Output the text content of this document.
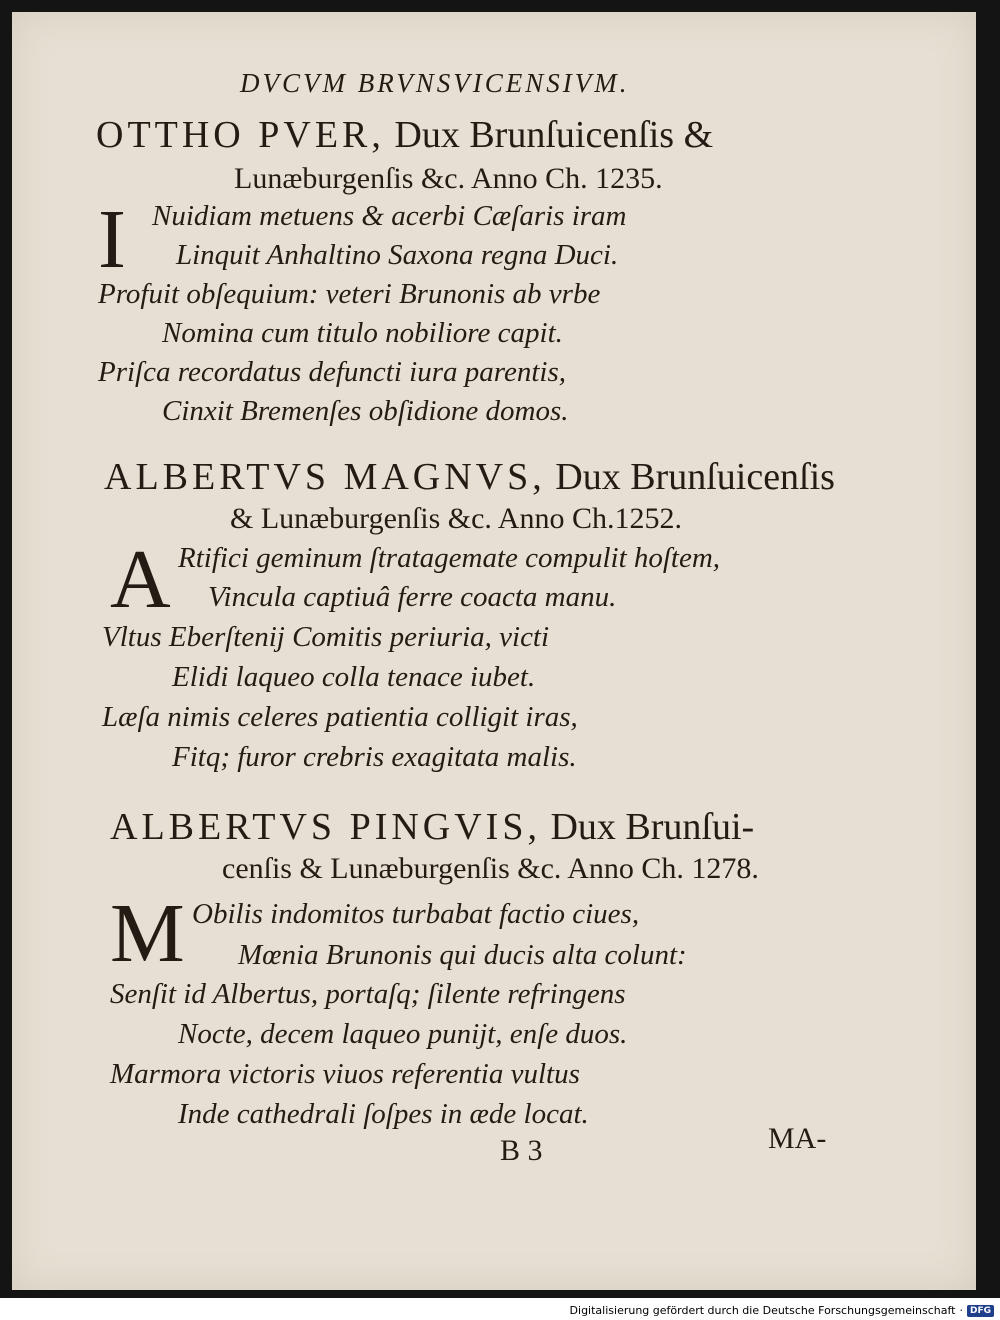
DVCVM BRVNSVICENSIVM.
OTTHO PVER, Dux Brunſuicenſis &
Lunæburgenſis &c. Anno Ch. 1235.
I Nuidiam metuens & acerbi Cæſaris iram
Linquit Anhaltino Saxona regna Duci.
Profuit obſequium: veteri Brunonis ab vrbe
Nomina cum titulo nobiliore capit.
Priſca recordatus defuncti iura parentis,
Cinxit Bremenſes obſidione domos.
ALBERTVS MAGNVS, Dux Brunſuicenſis
& Lunæburgenſis &c. Anno Ch.1252.
A Rtifici geminum ſtratagemate compulit hoſtem,
Vincula captiuâ ferre coacta manu.
Vltus Eberſtenij Comitis periuria, victi
Elidi laqueo colla tenace iubet.
Læſa nimis celeres patientia colligit iras,
Fitq; furor crebris exagitata malis.
ALBERTVS PINGVIS, Dux Brunſui-
cenſis & Lunæburgenſis &c. Anno Ch. 1278.
M Obilis indomitos turbabat factio ciues,
Mœnia Brunonis qui ducis alta colunt:
Senſit id Albertus, portaſq; ſilente refringens
Nocte, decem laqueo punijt, enſe duos.
Marmora victoris viuos referentia vultus
Inde cathedrali ſoſpes in æde locat.
B 3	MA-
Digitalisierung gefördert durch die Deutsche Forschungsgemeinschaft · DFG
